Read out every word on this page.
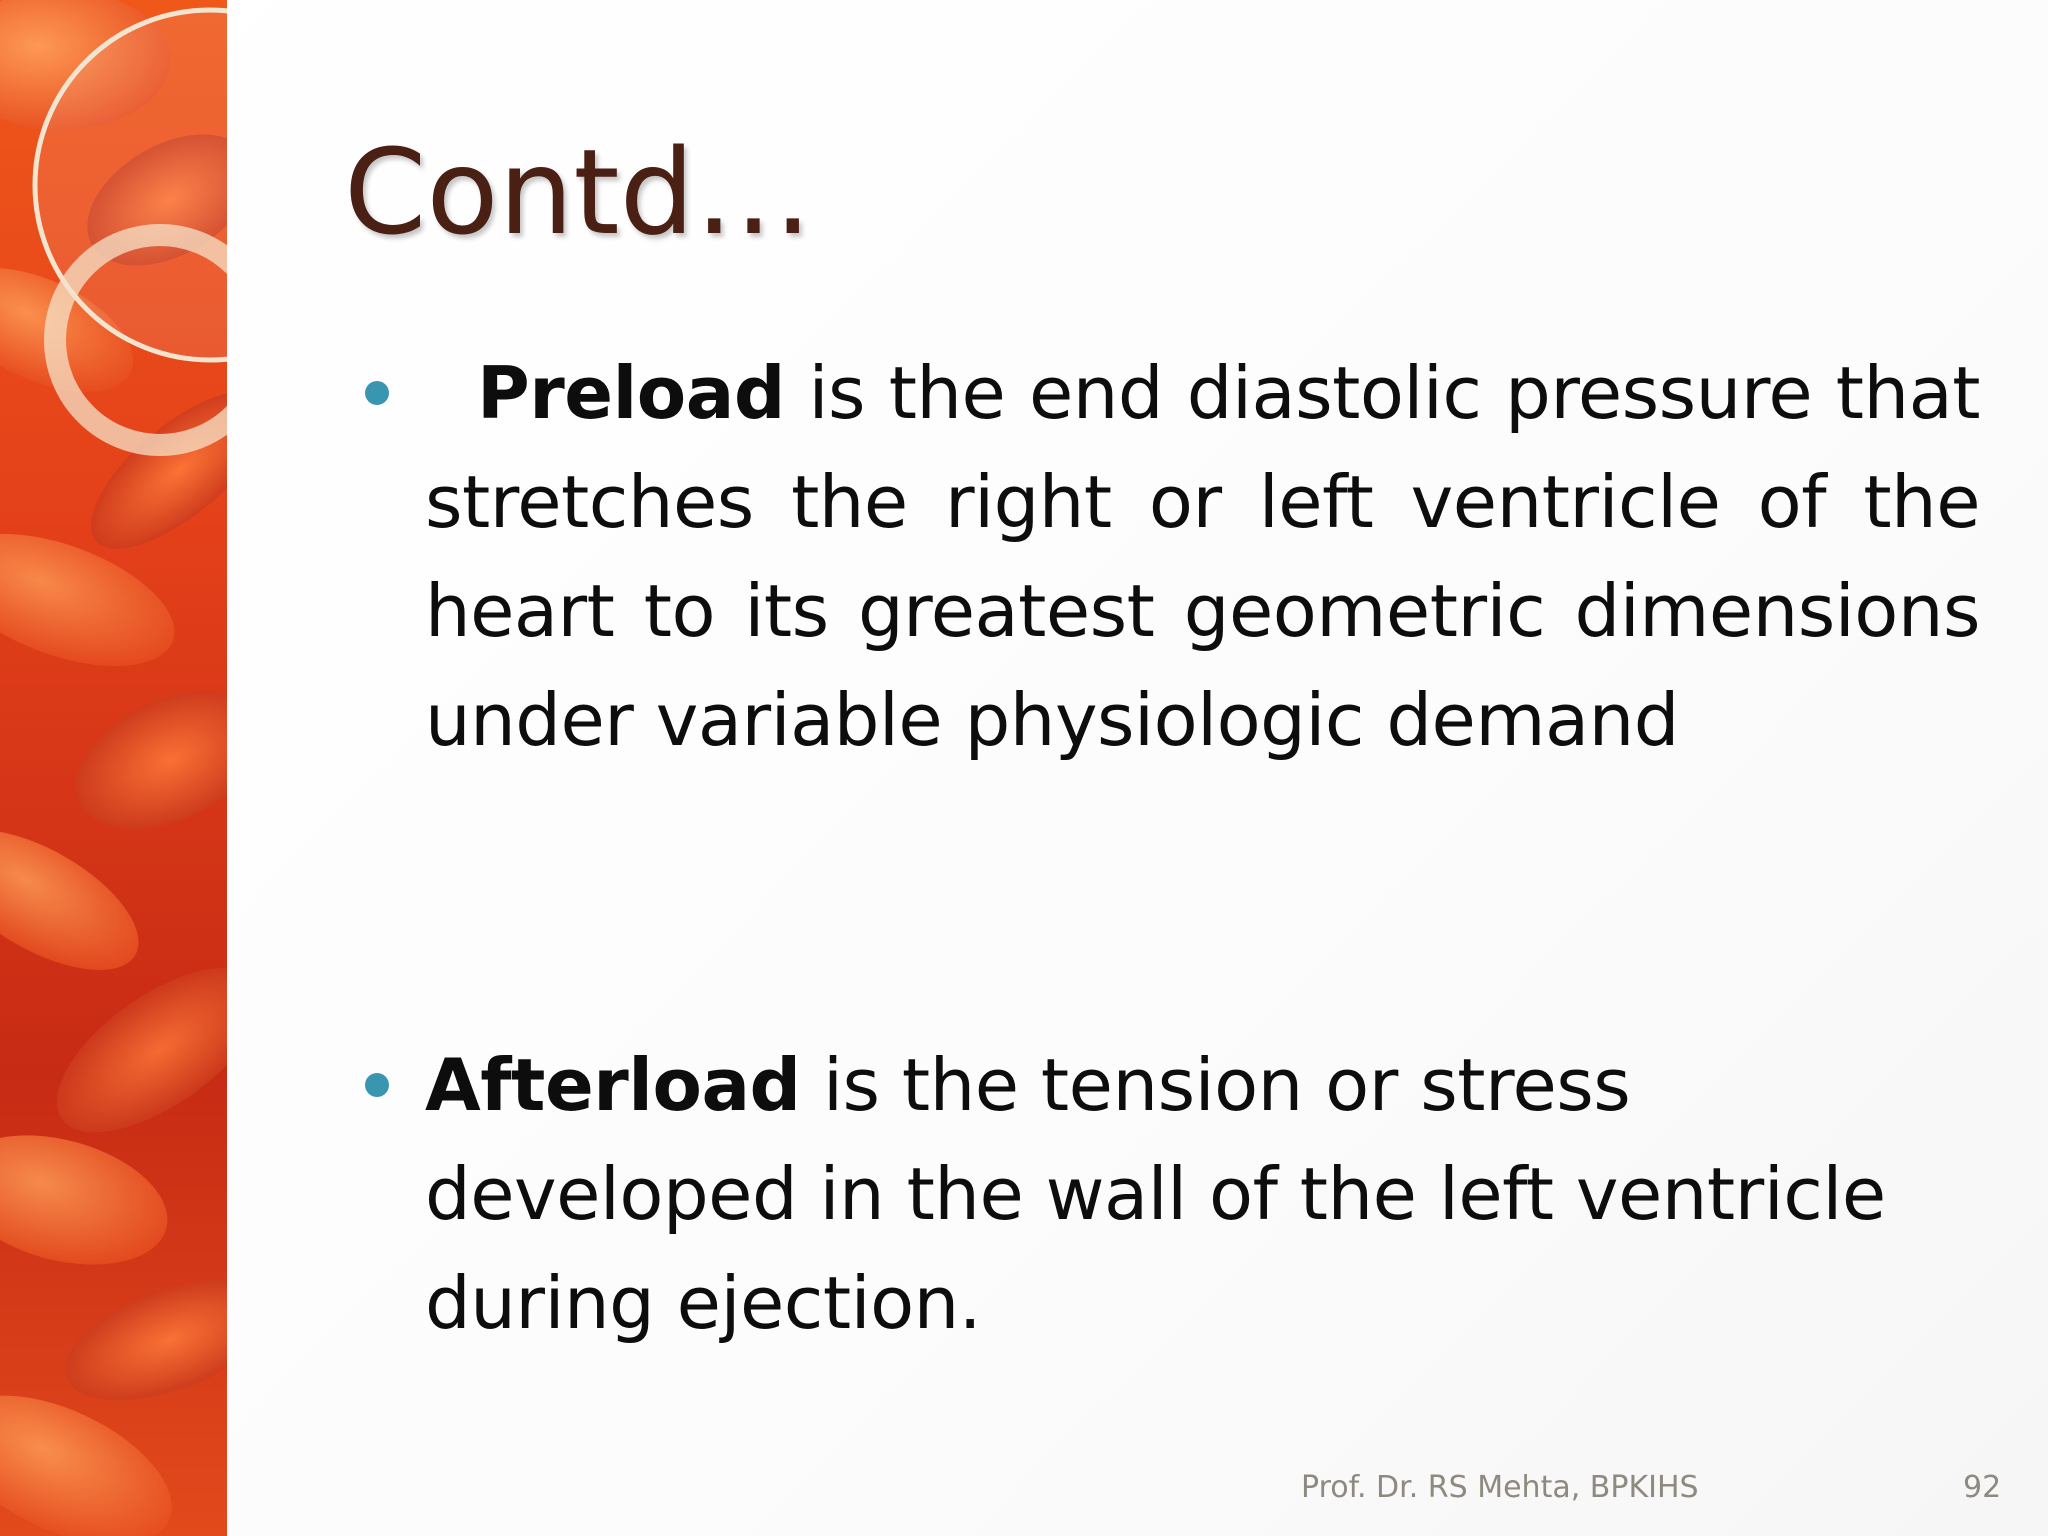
Contd…

Preload is the end diastolic pressure that stretches the right or left ventricle of the heart to its greatest geometric dimensions under variable physiologic demand

Afterload is the tension or stress developed in the wall of the left ventricle during ejection.

Prof. Dr. RS Mehta, BPKIHS	92
